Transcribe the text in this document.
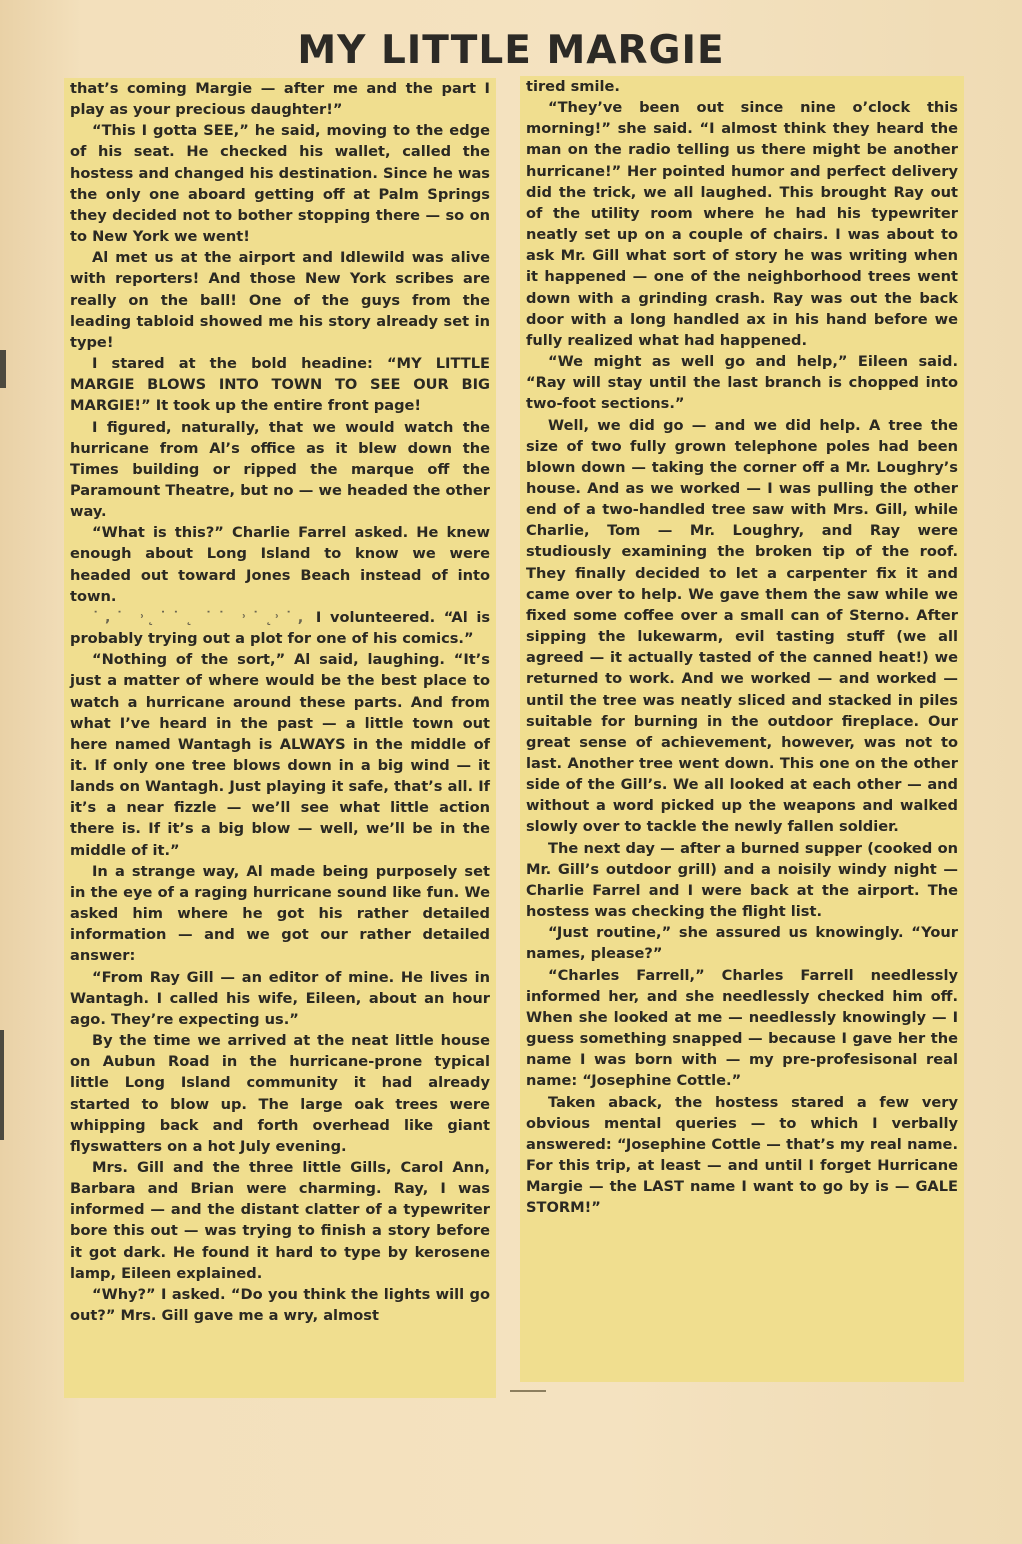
MY LITTLE MARGIE

that’s coming Margie — after me and the part I play as your precious daughter!”

“This I gotta SEE,” he said, moving to the edge of his seat. He checked his wallet, called the hostess and changed his destination. Since he was the only one aboard getting off at Palm Springs they decided not to bother stopping there — so on to New York we went!

Al met us at the airport and Idlewild was alive with reporters! And those New York scribes are really on the ball! One of the guys from the leading tabloid showed me his story already set in type!

I stared at the bold headine: “MY LITTLE MARGIE BLOWS INTO TOWN TO SEE OUR BIG MARGIE!” It took up the entire front page!

I figured, naturally, that we would watch the hurricane from Al’s office as it blew down the Times building or ripped the marque off the Paramount Theatre, but no — we headed the other way.

“What is this?” Charlie Farrel asked. He knew enough about Long Island to know we were headed out toward Jones Beach instead of into town.

˙‚˙ ˒˛˙˙˛ ˙˙ ˒˙˛˒˙, I volunteered. “Al is probably trying out a plot for one of his comics.”

“Nothing of the sort,” Al said, laughing. “It’s just a matter of where would be the best place to watch a hurricane around these parts. And from what I’ve heard in the past — a little town out here named Wantagh is ALWAYS in the middle of it. If only one tree blows down in a big wind — it lands on Wantagh. Just playing it safe, that’s all. If it’s a near fizzle — we’ll see what little action there is. If it’s a big blow — well, we’ll be in the middle of it.”

In a strange way, Al made being purposely set in the eye of a raging hurricane sound like fun. We asked him where he got his rather detailed information — and we got our rather detailed answer:

“From Ray Gill — an editor of mine. He lives in Wantagh. I called his wife, Eileen, about an hour ago. They’re expecting us.”

By the time we arrived at the neat little house on Aubun Road in the hurricane-prone typical little Long Island community it had already started to blow up. The large oak trees were whipping back and forth overhead like giant flyswatters on a hot July evening.

Mrs. Gill and the three little Gills, Carol Ann, Barbara and Brian were charming. Ray, I was informed — and the distant clatter of a typewriter bore this out — was trying to finish a story before it got dark. He found it hard to type by kerosene lamp, Eileen explained.

“Why?” I asked. “Do you think the lights will go out?” Mrs. Gill gave me a wry, almost

tired smile.

“They’ve been out since nine o’clock this morning!” she said. “I almost think they heard the man on the radio telling us there might be another hurricane!” Her pointed humor and perfect delivery did the trick, we all laughed. This brought Ray out of the utility room where he had his typewriter neatly set up on a couple of chairs. I was about to ask Mr. Gill what sort of story he was writing when it happened — one of the neighborhood trees went down with a grinding crash. Ray was out the back door with a long handled ax in his hand before we fully realized what had happened.

“We might as well go and help,” Eileen said. “Ray will stay until the last branch is chopped into two-foot sections.”

Well, we did go — and we did help. A tree the size of two fully grown telephone poles had been blown down — taking the corner off a Mr. Loughry’s house. And as we worked — I was pulling the other end of a two-handled tree saw with Mrs. Gill, while Charlie, Tom — Mr. Loughry, and Ray were studiously examining the broken tip of the roof. They finally decided to let a carpenter fix it and came over to help. We gave them the saw while we fixed some coffee over a small can of Sterno. After sipping the lukewarm, evil tasting stuff (we all agreed — it actually tasted of the canned heat!) we returned to work. And we worked — and worked — until the tree was neatly sliced and stacked in piles suitable for burning in the outdoor fireplace. Our great sense of achievement, however, was not to last. Another tree went down. This one on the other side of the Gill’s. We all looked at each other — and without a word picked up the weapons and walked slowly over to tackle the newly fallen soldier.

The next day — after a burned supper (cooked on Mr. Gill’s outdoor grill) and a noisily windy night — Charlie Farrel and I were back at the airport. The hostess was checking the flight list.

“Just routine,” she assured us knowingly. “Your names, please?”

“Charles Farrell,” Charles Farrell needlessly informed her, and she needlessly checked him off. When she looked at me — needlessly knowingly — I guess something snapped — because I gave her the name I was born with — my pre-profesisonal real name: “Josephine Cottle.”

Taken aback, the hostess stared a few very obvious mental queries — to which I verbally answered: “Josephine Cottle — that’s my real name. For this trip, at least — and until I forget Hurricane Margie — the LAST name I want to go by is — GALE STORM!”
